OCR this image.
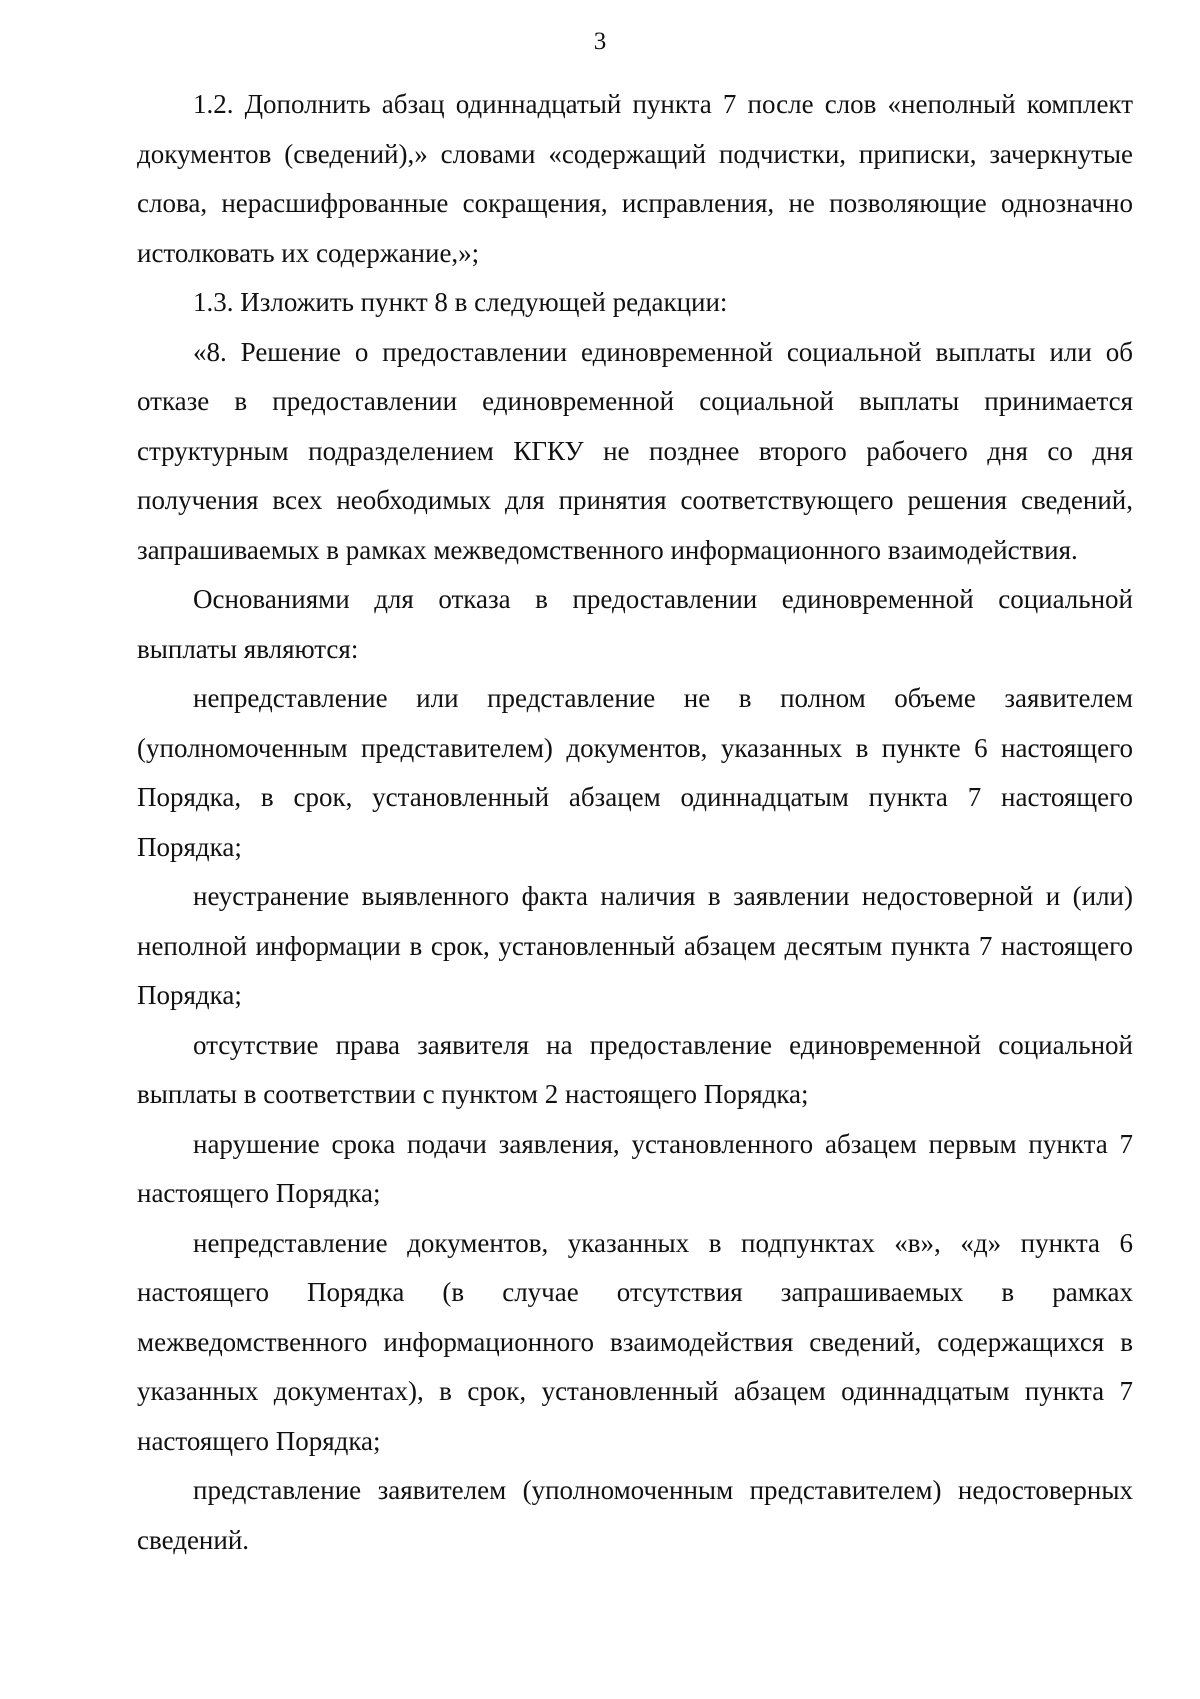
3

1.2. Дополнить абзац одиннадцатый пункта 7 после слов «неполный комплект документов (сведений),» словами «содержащий подчистки, приписки, зачеркнутые слова, нерасшифрованные сокращения, исправления, не позволяющие однозначно истолковать их содержание,»;

1.3. Изложить пункт 8 в следующей редакции:

«8. Решение о предоставлении единовременной социальной выплаты или об отказе в предоставлении единовременной социальной выплаты принимается структурным подразделением КГКУ не позднее второго рабочего дня со дня получения всех необходимых для принятия соответствующего решения сведений, запрашиваемых в рамках межведомственного информационного взаимодействия.

Основаниями для отказа в предоставлении единовременной социальной выплаты являются:

непредставление или представление не в полном объеме заявителем (уполномоченным представителем) документов, указанных в пункте 6 настоящего Порядка, в срок, установленный абзацем одиннадцатым пункта 7 настоящего Порядка;

неустранение выявленного факта наличия в заявлении недостоверной и (или) неполной информации в срок, установленный абзацем десятым пункта 7 настоящего Порядка;

отсутствие права заявителя на предоставление единовременной социальной выплаты в соответствии с пунктом 2 настоящего Порядка;

нарушение срока подачи заявления, установленного абзацем первым пункта 7 настоящего Порядка;

непредставление документов, указанных в подпунктах «в», «д» пункта 6 настоящего Порядка (в случае отсутствия запрашиваемых в рамках межведомственного информационного взаимодействия сведений, содержащихся в указанных документах), в срок, установленный абзацем одиннадцатым пункта 7 настоящего Порядка;

представление заявителем (уполномоченным представителем) недостоверных сведений.
